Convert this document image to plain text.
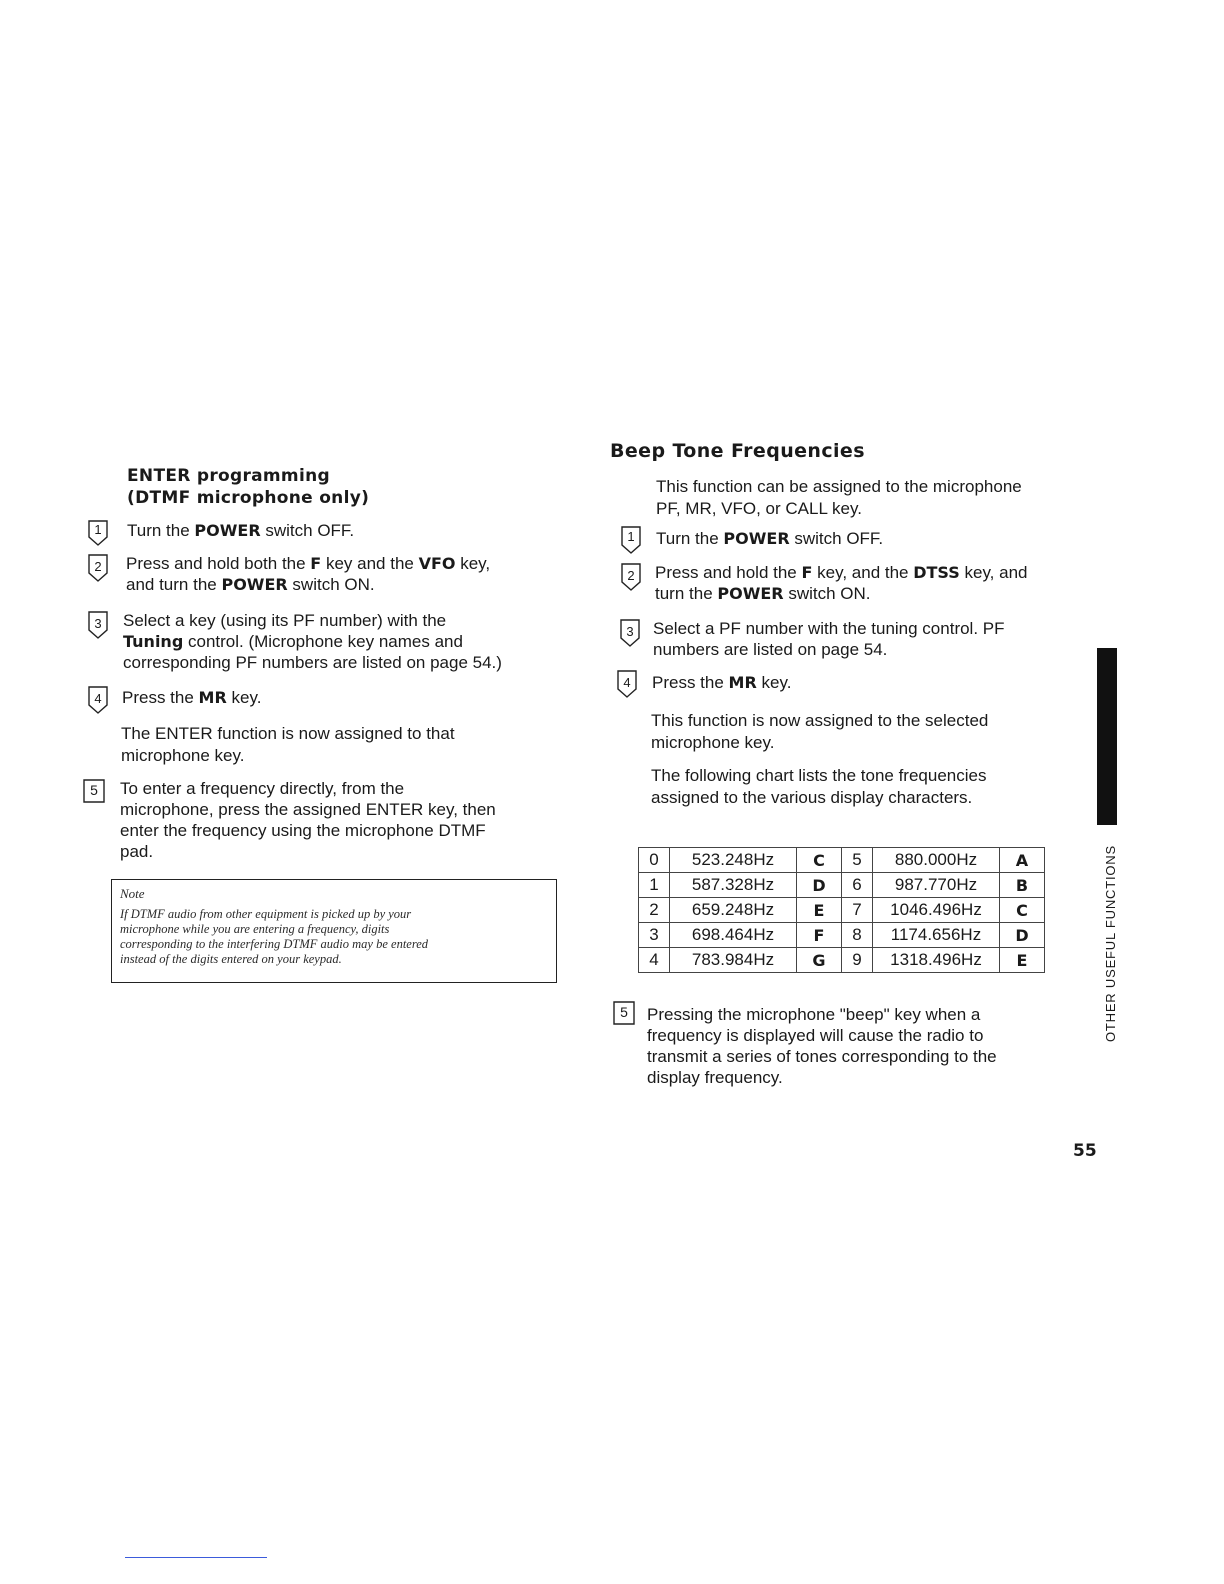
ENTER programming
(DTMF microphone only)
1	Turn the POWER switch OFF.
2	Press and hold both the F key and the VFO key,
and turn the POWER switch ON.
3	Select a key (using its PF number) with the
Tuning control. (Microphone key names and
corresponding PF numbers are listed on page 54.)
4	Press the MR key.
The ENTER function is now assigned to that
microphone key.
5	To enter a frequency directly, from the
microphone, press the assigned ENTER key, then
enter the frequency using the microphone DTMF
pad.
Note
If DTMF audio from other equipment is picked up by your
microphone while you are entering a frequency, digits
corresponding to the interfering DTMF audio may be entered
instead of the digits entered on your keypad.
Beep Tone Frequencies
This function can be assigned to the microphone
PF, MR, VFO, or CALL key.
1	Turn the POWER switch OFF.
2	Press and hold the F key, and the DTSS key, and
turn the POWER switch ON.
3	Select a PF number with the tuning control. PF
numbers are listed on page 54.
4	Press the MR key.
This function is now assigned to the selected
microphone key.
The following chart lists the tone frequencies
assigned to the various display characters.
0	523.248Hz	C	5	880.000Hz	A
1	587.328Hz	D	6	987.770Hz	B
2	659.248Hz	E	7	1046.496Hz	C
3	698.464Hz	F	8	1174.656Hz	D
4	783.984Hz	G	9	1318.496Hz	E
5	Pressing the microphone "beep" key when a
frequency is displayed will cause the radio to
transmit a series of tones corresponding to the
display frequency.
OTHER USEFUL FUNCTIONS
55
